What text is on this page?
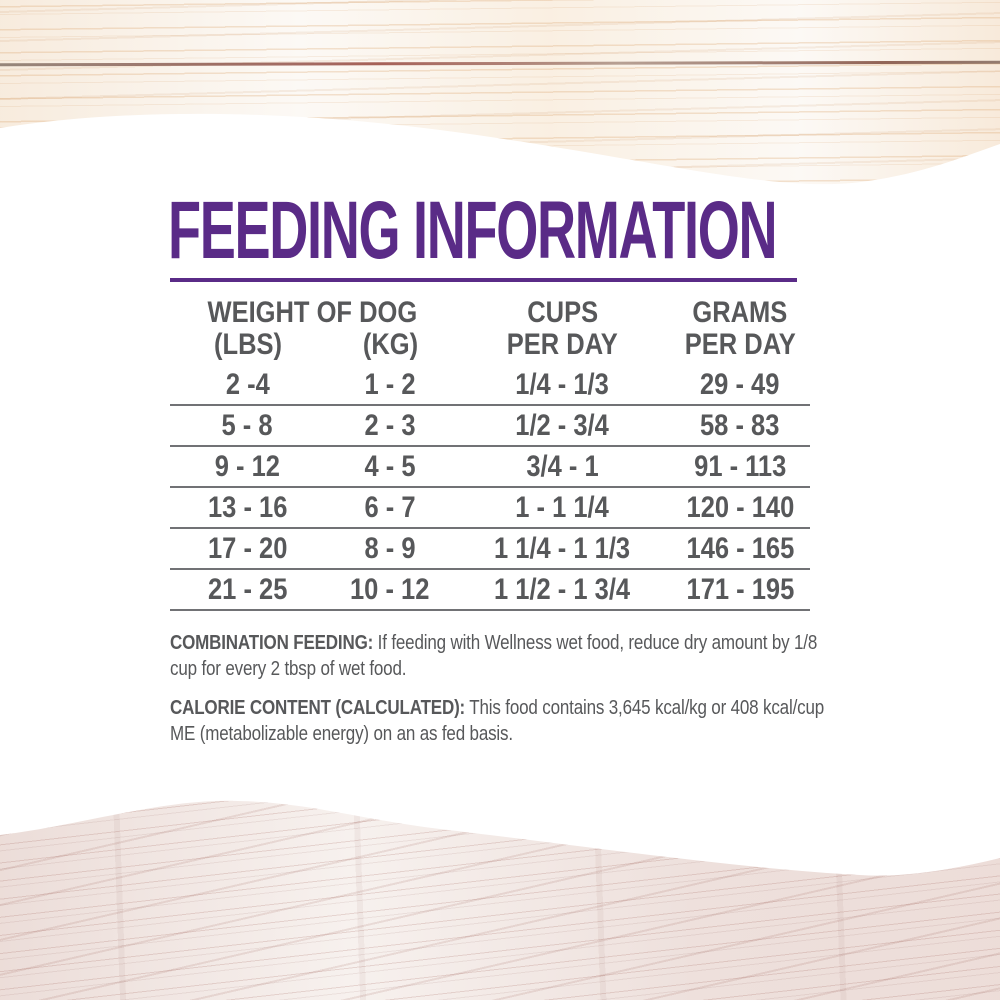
FEEDING INFORMATION
WEIGHT OF DOG	CUPS	GRAMS
(LBS)	(KG)	PER DAY	PER DAY
2 -4	1 - 2	1/4 - 1/3	29 - 49
5 - 8	2 - 3	1/2 - 3/4	58 - 83
9 - 12	4 - 5	3/4 - 1	91 - 113
13 - 16	6 - 7	1 - 1 1/4	120 - 140
17 - 20	8 - 9	1 1/4 - 1 1/3	146 - 165
21 - 25	10 - 12	1 1/2 - 1 3/4	171 - 195

COMBINATION FEEDING: If feeding with Wellness wet food, reduce dry amount by 1/8 cup for every 2 tbsp of wet food.

CALORIE CONTENT (CALCULATED): This food contains 3,645 kcal/kg or 408 kcal/cup ME (metabolizable energy) on an as fed basis.
